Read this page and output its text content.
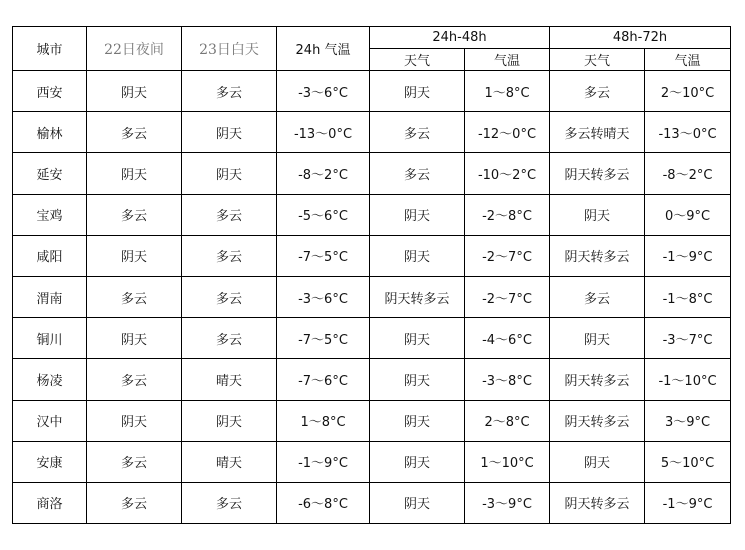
城市	22日夜间	23日白天	24h 气温	24h-48h		48h-72h	
				天气	气温	天气	气温
西安	阴天	多云	-3～6°C	阴天	1～8°C	多云	2～10°C
榆林	多云	阴天	-13～0°C	多云	-12～0°C	多云转晴天	-13～0°C
延安	阴天	阴天	-8～2°C	多云	-10～2°C	阴天转多云	-8～2°C
宝鸡	多云	多云	-5～6°C	阴天	-2～8°C	阴天	0～9°C
咸阳	阴天	多云	-7～5°C	阴天	-2～7°C	阴天转多云	-1～9°C
渭南	多云	多云	-3～6°C	阴天转多云	-2～7°C	多云	-1～8°C
铜川	阴天	多云	-7～5°C	阴天	-4～6°C	阴天	-3～7°C
杨凌	多云	晴天	-7～6°C	阴天	-3～8°C	阴天转多云	-1～10°C
汉中	阴天	阴天	1～8°C	阴天	2～8°C	阴天转多云	3～9°C
安康	多云	晴天	-1～9°C	阴天	1～10°C	阴天	5～10°C
商洛	多云	多云	-6～8°C	阴天	-3～9°C	阴天转多云	-1～9°C
